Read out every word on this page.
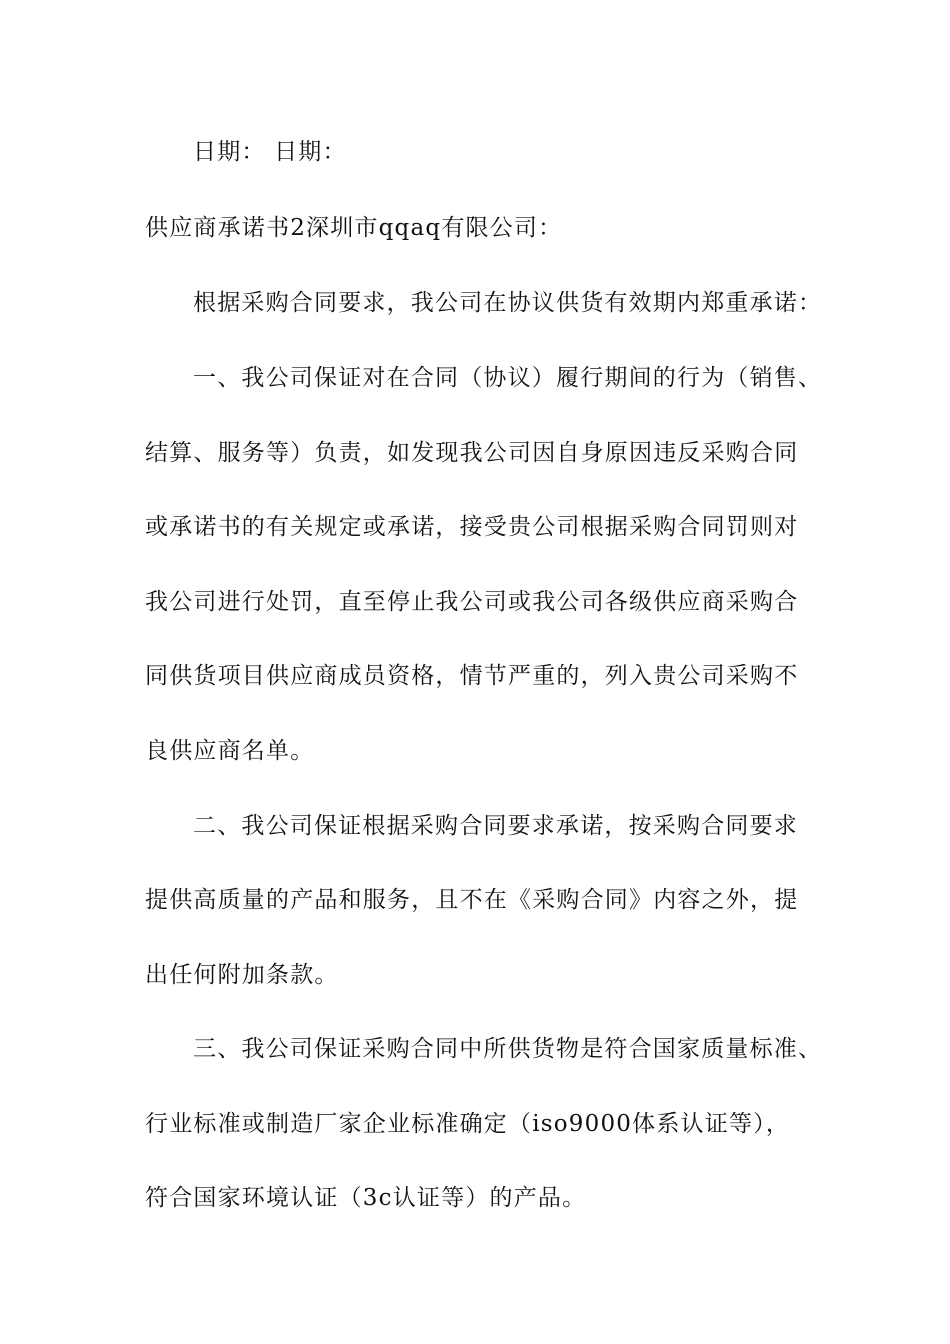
日期： 日期：
供应商承诺书2深圳市qqaq有限公司：
根据采购合同要求，我公司在协议供货有效期内郑重承诺：
一、我公司保证对在合同（协议）履行期间的行为（销售、
结算、服务等）负责，如发现我公司因自身原因违反采购合同
或承诺书的有关规定或承诺，接受贵公司根据采购合同罚则对
我公司进行处罚，直至停止我公司或我公司各级供应商采购合
同供货项目供应商成员资格，情节严重的，列入贵公司采购不
良供应商名单。
二、我公司保证根据采购合同要求承诺，按采购合同要求
提供高质量的产品和服务，且不在《采购合同》内容之外，提
出任何附加条款。
三、我公司保证采购合同中所供货物是符合国家质量标准、
行业标准或制造厂家企业标准确定（iso9000体系认证等），
符合国家环境认证（3c认证等）的产品。
